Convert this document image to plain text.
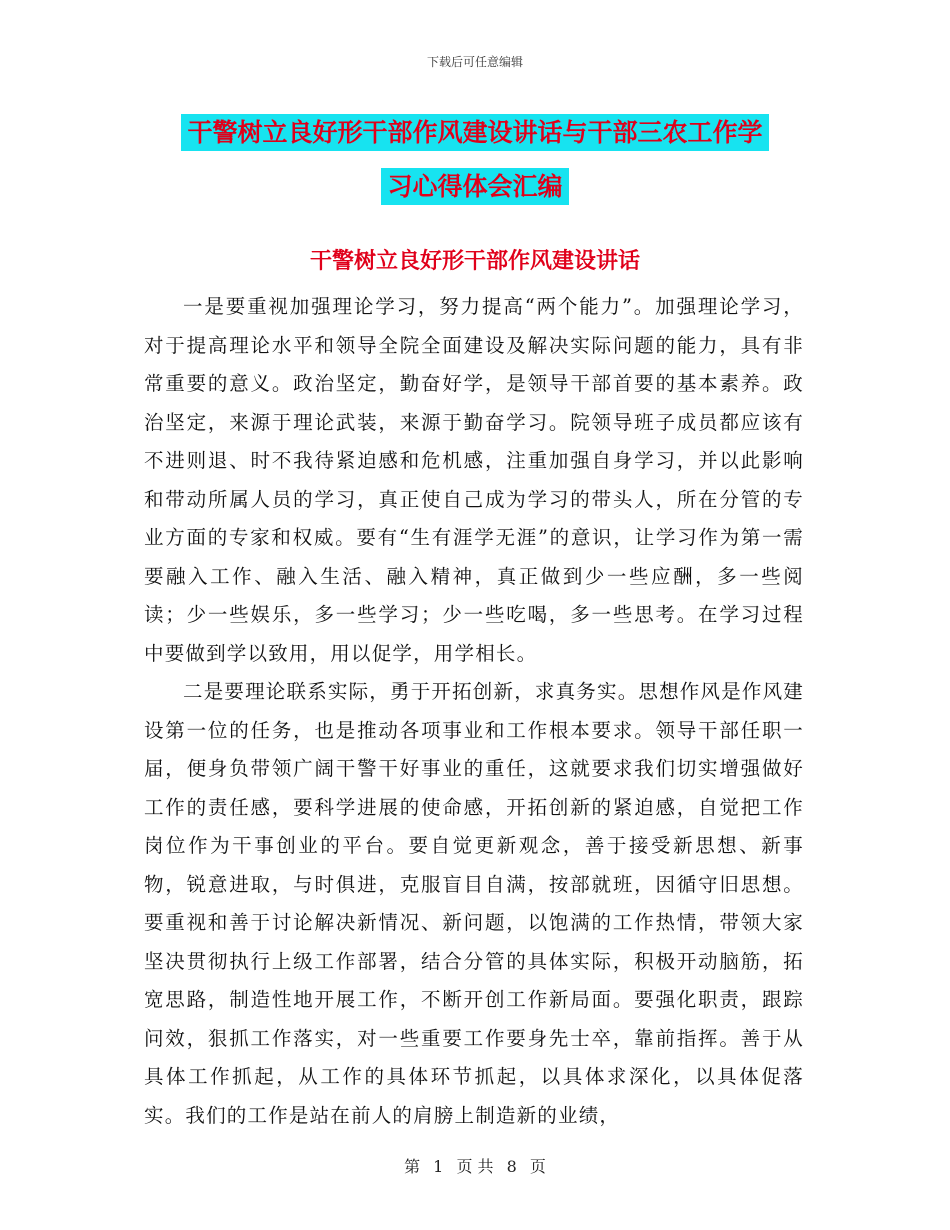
下载后可任意编辑
干警树立良好形干部作风建设讲话与干部三农工作学
习心得体会汇编
干警树立良好形干部作风建设讲话

一是要重视加强理论学习，努力提高“两个能力”。加强理论学习，对于提高理论水平和领导全院全面建设及解决实际问题的能力，具有非常重要的意义。政治坚定，勤奋好学，是领导干部首要的基本素养。政治坚定，来源于理论武装，来源于勤奋学习。院领导班子成员都应该有不进则退、时不我待紧迫感和危机感，注重加强自身学习，并以此影响和带动所属人员的学习，真正使自己成为学习的带头人，所在分管的专业方面的专家和权威。要有“生有涯学无涯”的意识，让学习作为第一需要融入工作、融入生活、融入精神，真正做到少一些应酬，多一些阅读；少一些娱乐，多一些学习；少一些吃喝，多一些思考。在学习过程中要做到学以致用，用以促学，用学相长。

二是要理论联系实际，勇于开拓创新，求真务实。思想作风是作风建设第一位的任务，也是推动各项事业和工作根本要求。领导干部任职一届，便身负带领广阔干警干好事业的重任，这就要求我们切实增强做好工作的责任感，要科学进展的使命感，开拓创新的紧迫感，自觉把工作岗位作为干事创业的平台。要自觉更新观念，善于接受新思想、新事物，锐意进取，与时俱进，克服盲目自满，按部就班，因循守旧思想。要重视和善于讨论解决新情况、新问题，以饱满的工作热情，带领大家坚决贯彻执行上级工作部署，结合分管的具体实际，积极开动脑筋，拓宽思路，制造性地开展工作，不断开创工作新局面。要强化职责，跟踪问效，狠抓工作落实，对一些重要工作要身先士卒，靠前指挥。善于从具体工作抓起，从工作的具体环节抓起，以具体求深化，以具体促落实。我们的工作是站在前人的肩膀上制造新的业绩，

第 1 页 共 8 页
